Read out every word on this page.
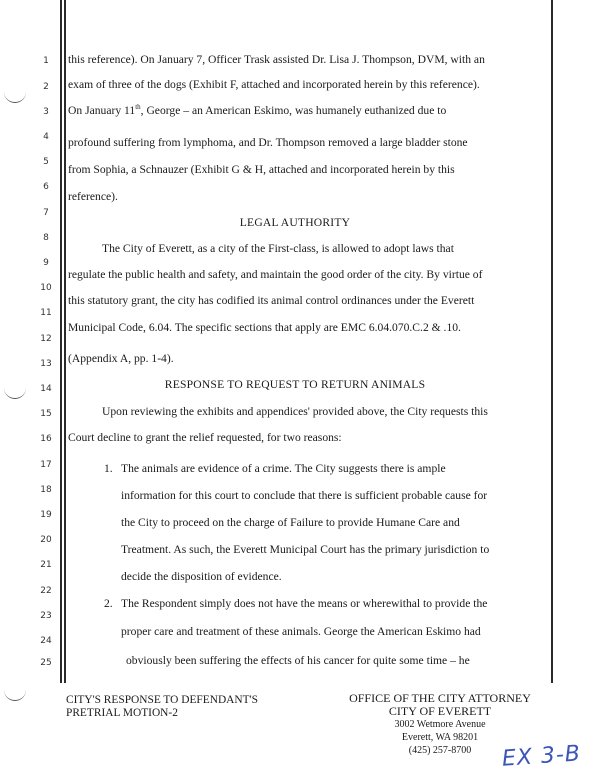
1
2
3
4
5
6
7
8
9
10
11
12
13
14
15
16
17
18
19
20
21
22
23
24
25
this reference). On January 7, Officer Trask assisted Dr. Lisa J. Thompson, DVM, with an
exam of three of the dogs (Exhibit F, attached and incorporated herein by this reference).
On January 11th, George – an American Eskimo, was humanely euthanized due to
profound suffering from lymphoma, and Dr. Thompson removed a large bladder stone
from Sophia, a Schnauzer (Exhibit G & H, attached and incorporated herein by this
reference).
LEGAL AUTHORITY
The City of Everett, as a city of the First-class, is allowed to adopt laws that
regulate the public health and safety, and maintain the good order of the city. By virtue of
this statutory grant, the city has codified its animal control ordinances under the Everett
Municipal Code, 6.04. The specific sections that apply are EMC 6.04.070.C.2 & .10.
(Appendix A, pp. 1-4).
RESPONSE TO REQUEST TO RETURN ANIMALS
Upon reviewing the exhibits and appendices' provided above, the City requests this
Court decline to grant the relief requested, for two reasons:
1. The animals are evidence of a crime. The City suggests there is ample
information for this court to conclude that there is sufficient probable cause for
the City to proceed on the charge of Failure to provide Humane Care and
Treatment. As such, the Everett Municipal Court has the primary jurisdiction to
decide the disposition of evidence.
2. The Respondent simply does not have the means or wherewithal to provide the
proper care and treatment of these animals. George the American Eskimo had
obviously been suffering the effects of his cancer for quite some time – he
CITY'S RESPONSE TO DEFENDANT'S
PRETRIAL MOTION-2
OFFICE OF THE CITY ATTORNEY
CITY OF EVERETT
3002 Wetmore Avenue
Everett, WA 98201
(425) 257-8700	EX 3-B
